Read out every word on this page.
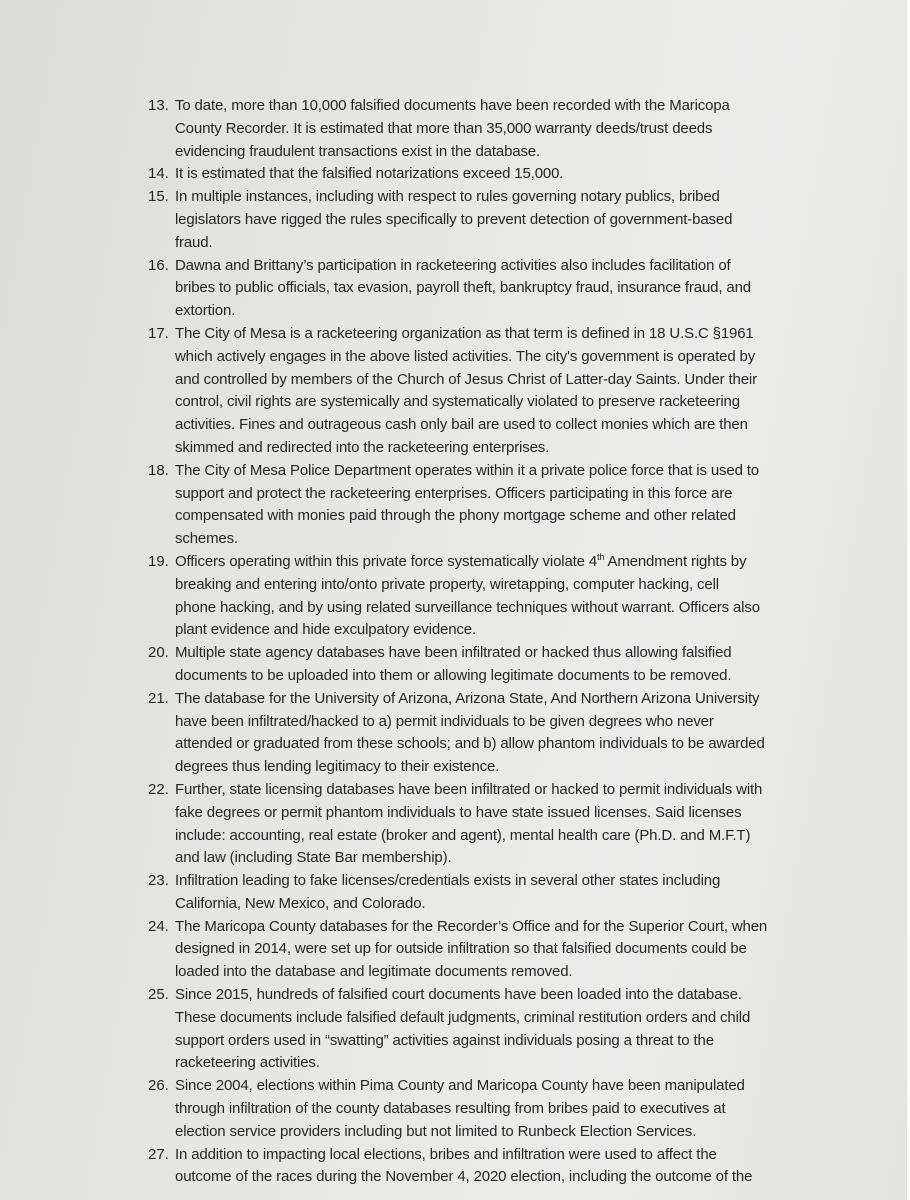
13. To date, more than 10,000 falsified documents have been recorded with the Maricopa
County Recorder. It is estimated that more than 35,000 warranty deeds/trust deeds
evidencing fraudulent transactions exist in the database.
14. It is estimated that the falsified notarizations exceed 15,000.
15. In multiple instances, including with respect to rules governing notary publics, bribed
legislators have rigged the rules specifically to prevent detection of government-based
fraud.
16. Dawna and Brittany’s participation in racketeering activities also includes facilitation of
bribes to public officials, tax evasion, payroll theft, bankruptcy fraud, insurance fraud, and
extortion.
17. The City of Mesa is a racketeering organization as that term is defined in 18 U.S.C §1961
which actively engages in the above listed activities. The city's government is operated by
and controlled by members of the Church of Jesus Christ of Latter-day Saints. Under their
control, civil rights are systemically and systematically violated to preserve racketeering
activities. Fines and outrageous cash only bail are used to collect monies which are then
skimmed and redirected into the racketeering enterprises.
18. The City of Mesa Police Department operates within it a private police force that is used to
support and protect the racketeering enterprises. Officers participating in this force are
compensated with monies paid through the phony mortgage scheme and other related
schemes.
19. Officers operating within this private force systematically violate 4th Amendment rights by
breaking and entering into/onto private property, wiretapping, computer hacking, cell
phone hacking, and by using related surveillance techniques without warrant. Officers also
plant evidence and hide exculpatory evidence.
20. Multiple state agency databases have been infiltrated or hacked thus allowing falsified
documents to be uploaded into them or allowing legitimate documents to be removed.
21. The database for the University of Arizona, Arizona State, And Northern Arizona University
have been infiltrated/hacked to a) permit individuals to be given degrees who never
attended or graduated from these schools; and b) allow phantom individuals to be awarded
degrees thus lending legitimacy to their existence.
22. Further, state licensing databases have been infiltrated or hacked to permit individuals with
fake degrees or permit phantom individuals to have state issued licenses. Said licenses
include: accounting, real estate (broker and agent), mental health care (Ph.D. and M.F.T)
and law (including State Bar membership).
23. Infiltration leading to fake licenses/credentials exists in several other states including
California, New Mexico, and Colorado.
24. The Maricopa County databases for the Recorder’s Office and for the Superior Court, when
designed in 2014, were set up for outside infiltration so that falsified documents could be
loaded into the database and legitimate documents removed.
25. Since 2015, hundreds of falsified court documents have been loaded into the database.
These documents include falsified default judgments, criminal restitution orders and child
support orders used in “swatting” activities against individuals posing a threat to the
racketeering activities.
26. Since 2004, elections within Pima County and Maricopa County have been manipulated
through infiltration of the county databases resulting from bribes paid to executives at
election service providers including but not limited to Runbeck Election Services.
27. In addition to impacting local elections, bribes and infiltration were used to affect the
outcome of the races during the November 4, 2020 election, including the outcome of the
